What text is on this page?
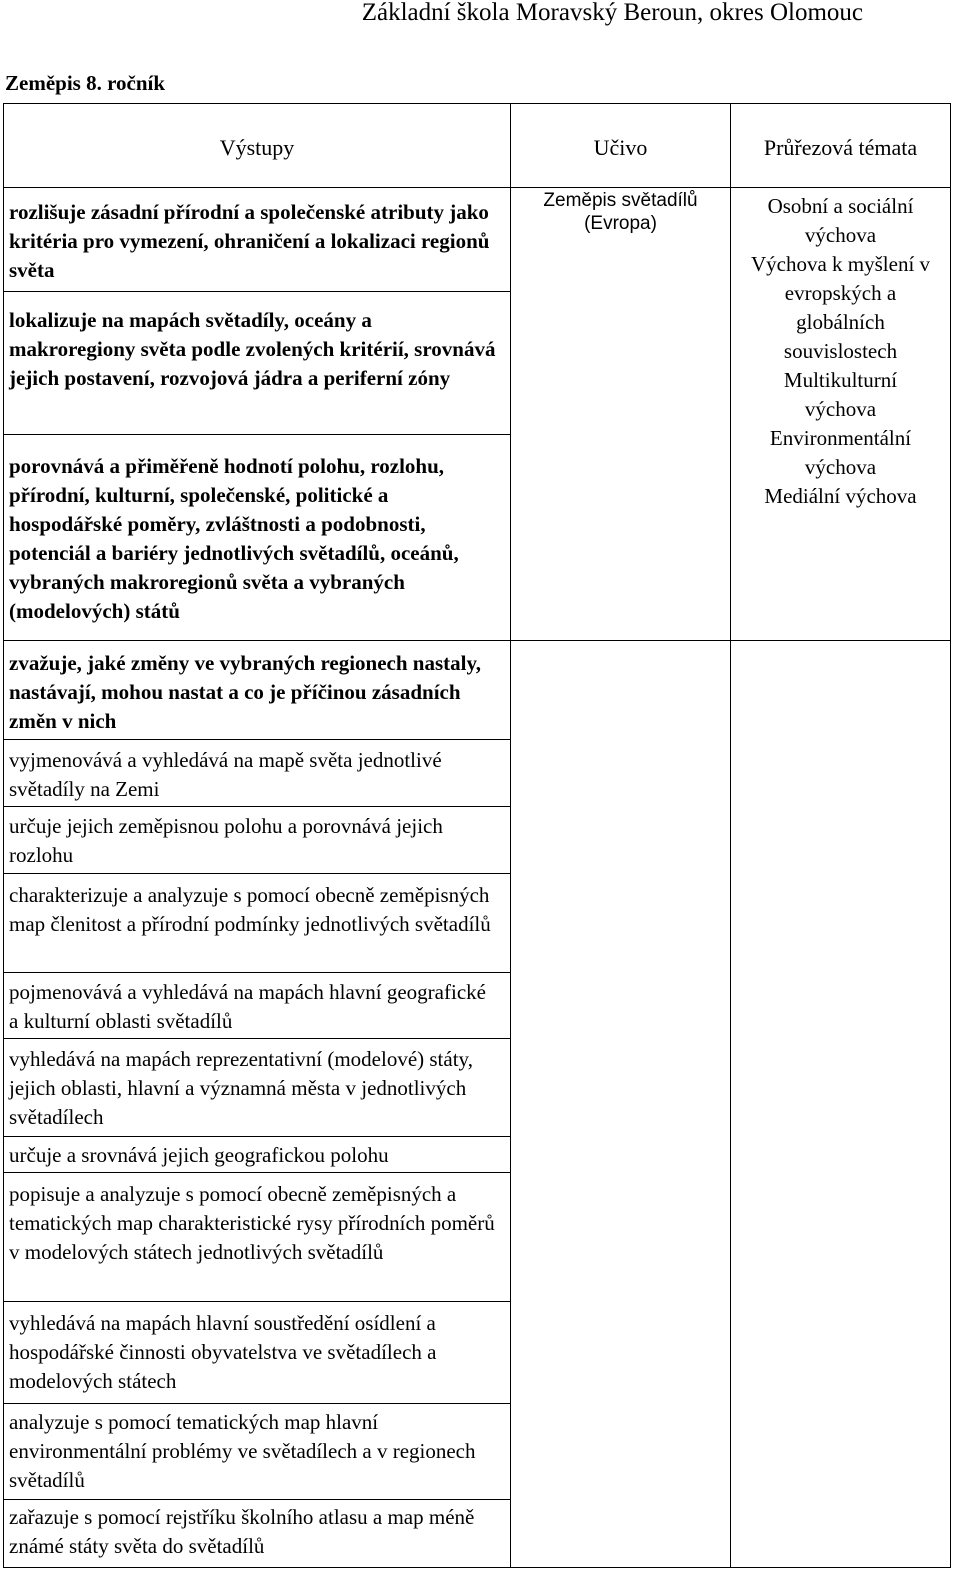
Základní škola Moravský Beroun, okres Olomouc
Zeměpis 8. ročník
Výstupy	Učivo	Průřezová témata
rozlišuje zásadní přírodní a společenské atributy jako kritéria pro vymezení, ohraničení a lokalizaci regionů světa
lokalizuje na mapách světadíly, oceány a makroregiony světa podle zvolených kritérií, srovnává jejich postavení, rozvojová jádra a periferní zóny
porovnává a přiměřeně hodnotí polohu, rozlohu, přírodní, kulturní, společenské, politické a hospodářské poměry, zvláštnosti a podobnosti, potenciál a bariéry jednotlivých světadílů, oceánů, vybraných makroregionů světa a vybraných (modelových) států
zvažuje, jaké změny ve vybraných regionech nastaly, nastávají, mohou nastat a co je příčinou zásadních změn v nich
vyjmenovává a vyhledává na mapě světa jednotlivé světadíly na Zemi
určuje jejich zeměpisnou polohu a porovnává jejich rozlohu
charakterizuje a analyzuje s pomocí obecně zeměpisných map členitost a přírodní podmínky jednotlivých světadílů
pojmenovává a vyhledává na mapách hlavní geografické a kulturní oblasti světadílů
vyhledává na mapách reprezentativní (modelové) státy, jejich oblasti, hlavní a významná města v jednotlivých světadílech
určuje a srovnává jejich geografickou polohu
popisuje a analyzuje s pomocí obecně zeměpisných a tematických map charakteristické rysy přírodních poměrů v modelových státech jednotlivých světadílů
vyhledává na mapách hlavní soustředění osídlení a hospodářské činnosti obyvatelstva ve světadílech a modelových státech
analyzuje s pomocí tematických map hlavní environmentální problémy ve světadílech a v regionech světadílů
zařazuje s pomocí rejstříku školního atlasu a map méně známé státy světa do světadílů
Zeměpis světadílů (Evropa)
Osobní a sociální výchova
Výchova k myšlení v evropských a globálních souvislostech
Multikulturní výchova
Environmentální výchova
Mediální výchova
